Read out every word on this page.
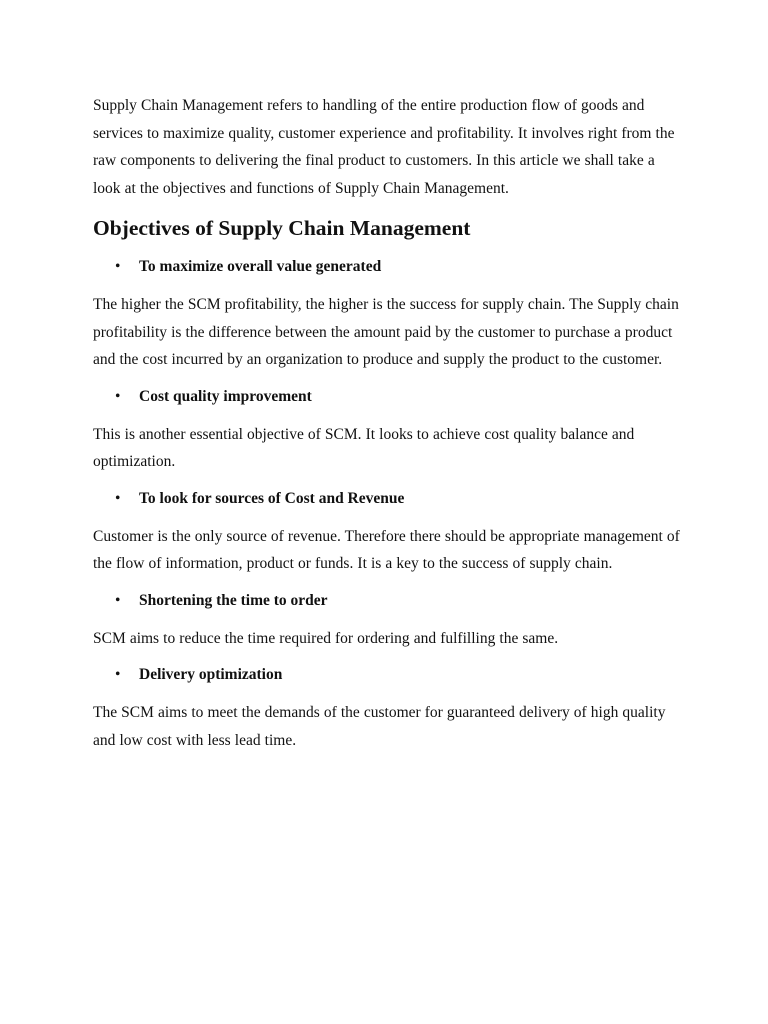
Supply Chain Management refers to handling of the entire production flow of goods and services to maximize quality, customer experience and profitability. It involves right from the raw components to delivering the final product to customers. In this article we shall take a look at the objectives and functions of Supply Chain Management.

Objectives of Supply Chain Management
•	To maximize overall value generated

The higher the SCM profitability, the higher is the success for supply chain. The Supply chain profitability is the difference between the amount paid by the customer to purchase a product and the cost incurred by an organization to produce and supply the product to the customer.

•	Cost quality improvement

This is another essential objective of SCM. It looks to achieve cost quality balance and optimization.

•	To look for sources of Cost and Revenue

Customer is the only source of revenue. Therefore there should be appropriate management of the flow of information, product or funds. It is a key to the success of supply chain.

•	Shortening the time to order

SCM aims to reduce the time required for ordering and fulfilling the same.

•	Delivery optimization

The SCM aims to meet the demands of the customer for guaranteed delivery of high quality and low cost with less lead time.
